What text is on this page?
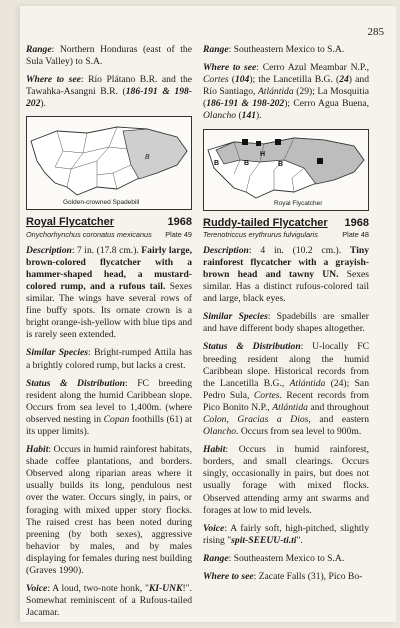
285

Range: Northern Honduras (east of the Sula Valley) to S.A.

Where to see: Río Plátano B.R. and the Tawahka-Asangni B.R. (186-191 & 198-202).

B
Golden-crowned Spadebill
Royal Flycatcher	1968
Onychorhynchus coronatus mexicanus Plate 49

Description: 7 in. (17.8 cm.). Fairly large, brown-colored flycatcher with a hammer-shaped head, a mustard-colored rump, and a rufous tail. Sexes similar. The wings have several rows of fine buffy spots. Its ornate crown is a bright orange-ish-yellow with blue tips and is rarely seen extended.

Similar Species: Bright-rumped Attila has a brightly colored rump, but lacks a crest.

Status & Distribution: FC breeding resident along the humid Caribbean slope. Occurs from sea level to 1,400m. (where observed nesting in Copan foothills (61) at its upper limits).

Habit: Occurs in humid rainforest habitats, shade coffee plantations, and borders. Observed along riparian areas where it usually builds its long, pendulous nest over the water. Occurs singly, in pairs, or foraging with mixed upper story flocks. The raised crest has been noted during preening (by both sexes), aggressive behavior by males, and by males displaying for females during nest building (Graves 1990).

Voice: A loud, two-note honk, "KI-UNK!". Somewhat reminiscent of a Rufous-tailed Jacamar.

Range: Southeastern Mexico to S.A.

Where to see: Cerro Azul Meambar N.P., Cortes (104); the Lancetilla B.G. (24) and Río Santiago, Atlántida (29); La Mosquitia (186-191 & 198-202); Cerro Agua Buena, Olancho (141).

B	B
H
B
Royal Flycatcher
Ruddy-tailed Flycatcher 1968
Terenotriccus erythrurus fulvigularis	Plate 48

Description: 4 in. (10.2 cm.). Tiny rainforest flycatcher with a grayish-brown head and tawny UN. Sexes similar. Has a distinct rufous-colored tail and large, black eyes.

Similar Species: Spadebills are smaller and have different body shapes altogether.

Status & Distribution: U-locally FC breeding resident along the humid Caribbean slope. Historical records from the Lancetilla B.G., Atlántida (24); San Pedro Sula, Cortes. Recent records from Pico Bonito N.P., Atlántida and throughout Colon, Gracias a Dios, and eastern Olancho. Occurs from sea level to 900m.

Habit: Occurs in humid rainforest, borders, and small clearings. Occurs singly, occasionally in pairs, but does not usually forage with mixed flocks. Observed attending army ant swarms and forages at low to mid levels.

Voice: A fairly soft, high-pitched, slightly rising "spit-SEEUU-ti.ti".

Range: Southeastern Mexico to S.A.

Where to see: Zacate Falls (31), Pico Bo-
